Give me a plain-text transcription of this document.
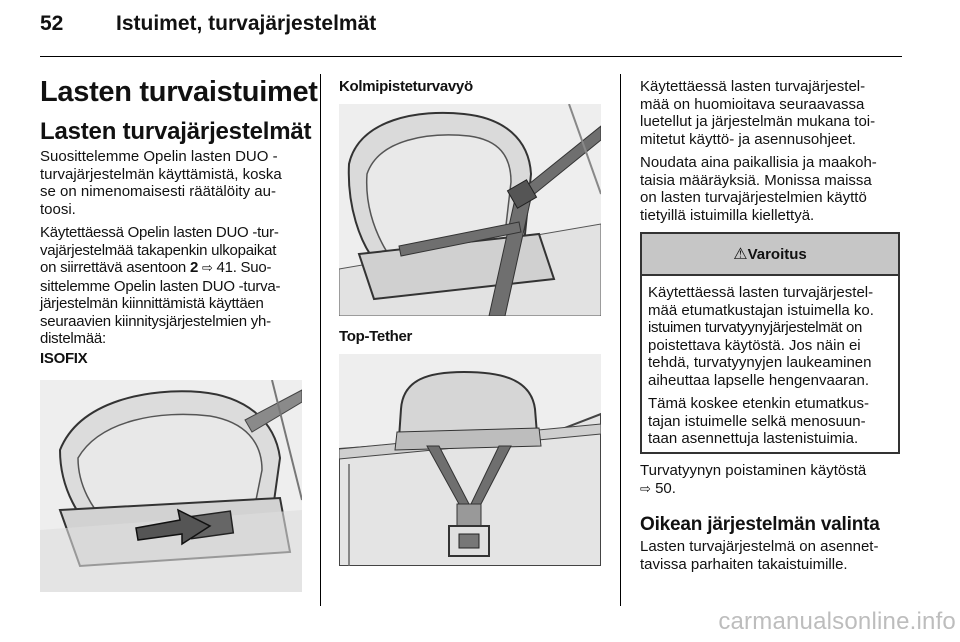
52	Istuimet, turvajärjestelmät
Lasten turvaistuimet
Lasten turvajärjestelmät
Suosittelemme Opelin lasten DUO -
turvajärjestelmän käyttämistä, koska
se on nimenomaisesti räätälöity au-
toosi.
Käytettäessä Opelin lasten DUO -tur-
vajärjestelmää takapenkin ulkopaikat
on siirrettävä asentoon 2 ⇨ 41. Suo-
sittelemme Opelin lasten DUO -turva-
järjestelmän kiinnittämistä käyttäen
seuraavien kiinnitysjärjestelmien yh-
distelmää:
ISOFIX
Kolmipisteturvavyö
Top-Tether
Käytettäessä lasten turvajärjestel-
mää on huomioitava seuraavassa
luetellut ja järjestelmän mukana toi-
mitetut käyttö- ja asennusohjeet.
Noudata aina paikallisia ja maakoh-
taisia määräyksiä. Monissa maissa
on lasten turvajärjestelmien käyttö
tietyillä istuimilla kiellettyä.
⚠Varoitus

Käytettäessä lasten turvajärjestel-
mää etumatkustajan istuimella ko.
istuimen turvatyynyjärjestelmät on
poistettava käytöstä. Jos näin ei
tehdä, turvatyynyjen laukeaminen
aiheuttaa lapselle hengenvaaran.

Tämä koskee etenkin etumatkus-
tajan istuimelle selkä menosuun-
taan asennettuja lastenistuimia.

Turvatyynyn poistaminen käytöstä
⇨ 50.
Oikean järjestelmän valinta
Lasten turvajärjestelmä on asennet-
tavissa parhaiten takaistuimille.
carmanualsonline.info
